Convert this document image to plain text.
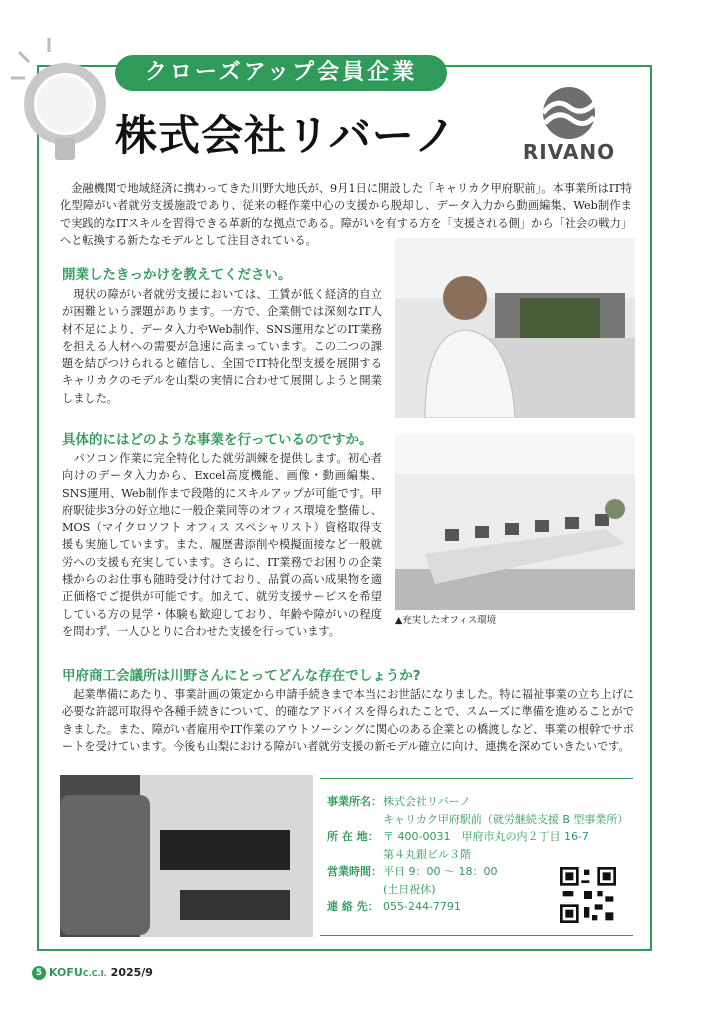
クローズアップ会員企業
株式会社リバーノ	RIVANO

　金融機関で地域経済に携わってきた川野大地氏が、9月1日に開設した「キャリカク甲府駅前」。本事業所はIT特化型障がい者就労支援施設であり、従来の軽作業中心の支援から脱却し、データ入力から動画編集、Web制作まで実践的なITスキルを習得できる革新的な拠点である。障がいを有する方を「支援される側」から「社会の戦力」へと転換する新たなモデルとして注目されている。

開業したきっかけを教えてください。

　現状の障がい者就労支援においては、工賃が低く経済的自立が困難という課題があります。一方で、企業側では深刻なIT人材不足により、データ入力やWeb制作、SNS運用などのIT業務を担える人材への需要が急速に高まっています。この二つの課題を結びつけられると確信し、全国でIT特化型支援を展開するキャリカクのモデルを山梨の実情に合わせて展開しようと開業しました。

具体的にはどのような事業を行っているのですか。

　パソコン作業に完全特化した就労訓練を提供します。初心者向けのデータ入力から、Excel高度機能、画像・動画編集、SNS運用、Web制作まで段階的にスキルアップが可能です。甲府駅徒歩3分の好立地に一般企業同等のオフィス環境を整備し、MOS（マイクロソフト オフィス スペシャリスト）資格取得支援も実施しています。また、履歴書添削や模擬面接など一般就労への支援も充実しています。さらに、IT業務でお困りの企業様からのお仕事も随時受け付けており、品質の高い成果物を適正価格でご提供が可能です。加えて、就労支援サービスを希望している方の見学・体験も歓迎しており、年齢や障がいの程度を問わず、一人ひとりに合わせた支援を行っています。

▲充実したオフィス環境

甲府商工会議所は川野さんにとってどんな存在でしょうか?

　起業準備にあたり、事業計画の策定から申請手続きまで本当にお世話になりました。特に福祉事業の立ち上げに必要な許認可取得や各種手続きについて、的確なアドバイスを得られたことで、スムーズに準備を進めることができました。また、障がい者雇用やIT作業のアウトソーシングに関心のある企業との橋渡しなど、事業の根幹でサポートを受けています。今後も山梨における障がい者就労支援の新モデル確立に向け、連携を深めていきたいです。

事業所名： 株式会社リバーノ
キャリカク甲府駅前（就労継続支援 B 型事業所）
所 在 地： 〒 400-0031　甲府市丸の内２丁目 16-7
第４丸銀ビル３階
営業時間： 平日 9：00 〜 18：00
(土日祝休)
連 絡 先： 055-244-7791
5 KOFUC.C.I. 2025/9
